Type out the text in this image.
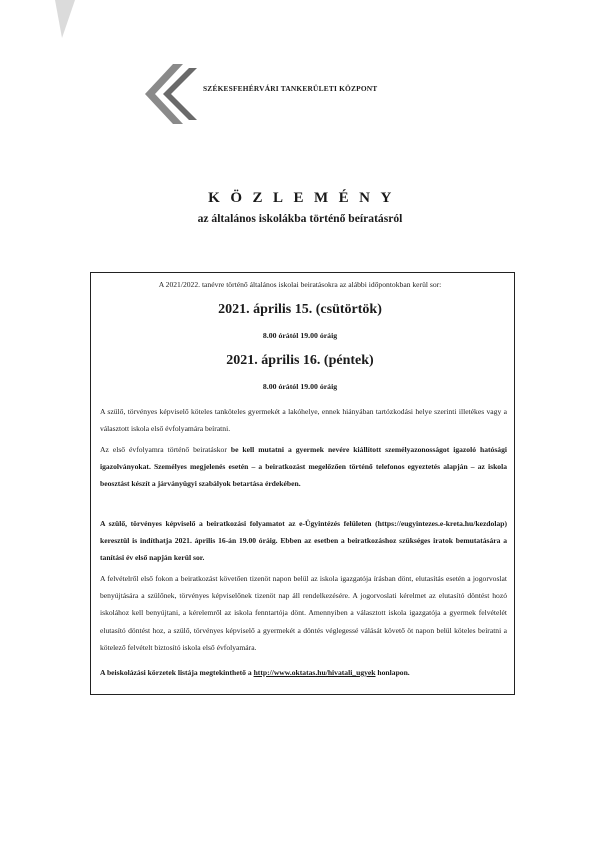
SZÉKESFEHÉRVÁRI TANKERÜLETI KÖZPONT
KÖZLEMÉNY
az általános iskolákba történő beíratásról
A 2021/2022. tanévre történő általános iskolai beiratásokra az alábbi időpontokban kerül sor:
2021. április 15. (csütörtök)
8.00 órától 19.00 óráig
2021. április 16. (péntek)
8.00 órától 19.00 óráig

A szülő, törvényes képviselő köteles tanköteles gyermekét a lakóhelye, ennek hiányában tartózkodási helye szerinti illetékes vagy a választott iskola első évfolyamára beíratni.

Az első évfolyamra történő beiratáskor be kell mutatni a gyermek nevére kiállított személyazonosságot igazoló hatósági igazolványokat. Személyes megjelenés esetén – a beiratkozást megelőzően történő telefonos egyeztetés alapján – az iskola beosztást készít a járványügyi szabályok betartása érdekében.

A szülő, törvényes képviselő a beiratkozási folyamatot az e-Ügyintézés felületen (https://eugyintezes.e-kreta.hu/kezdolap) keresztül is indíthatja 2021. április 16-án 19.00 óráig. Ebben az esetben a beiratkozáshoz szükséges iratok bemutatására a tanítási év első napján kerül sor.

A felvételről első fokon a beiratkozást követően tizenöt napon belül az iskola igazgatója írásban dönt, elutasítás esetén a jogorvoslat benyújtására a szülőnek, törvényes képviselőnek tizenöt nap áll rendelkezésére. A jogorvoslati kérelmet az elutasító döntést hozó iskolához kell benyújtani, a kérelemről az iskola fenntartója dönt. Amennyiben a választott iskola igazgatója a gyermek felvételét elutasító döntést hoz, a szülő, törvényes képviselő a gyermekét a döntés véglegessé válását követő öt napon belül köteles beíratni a kötelező felvételt biztosító iskola első évfolyamára.

A beiskolázási körzetek listája megtekinthető a http://www.oktatas.hu/hivatali_ugyek honlapon.
